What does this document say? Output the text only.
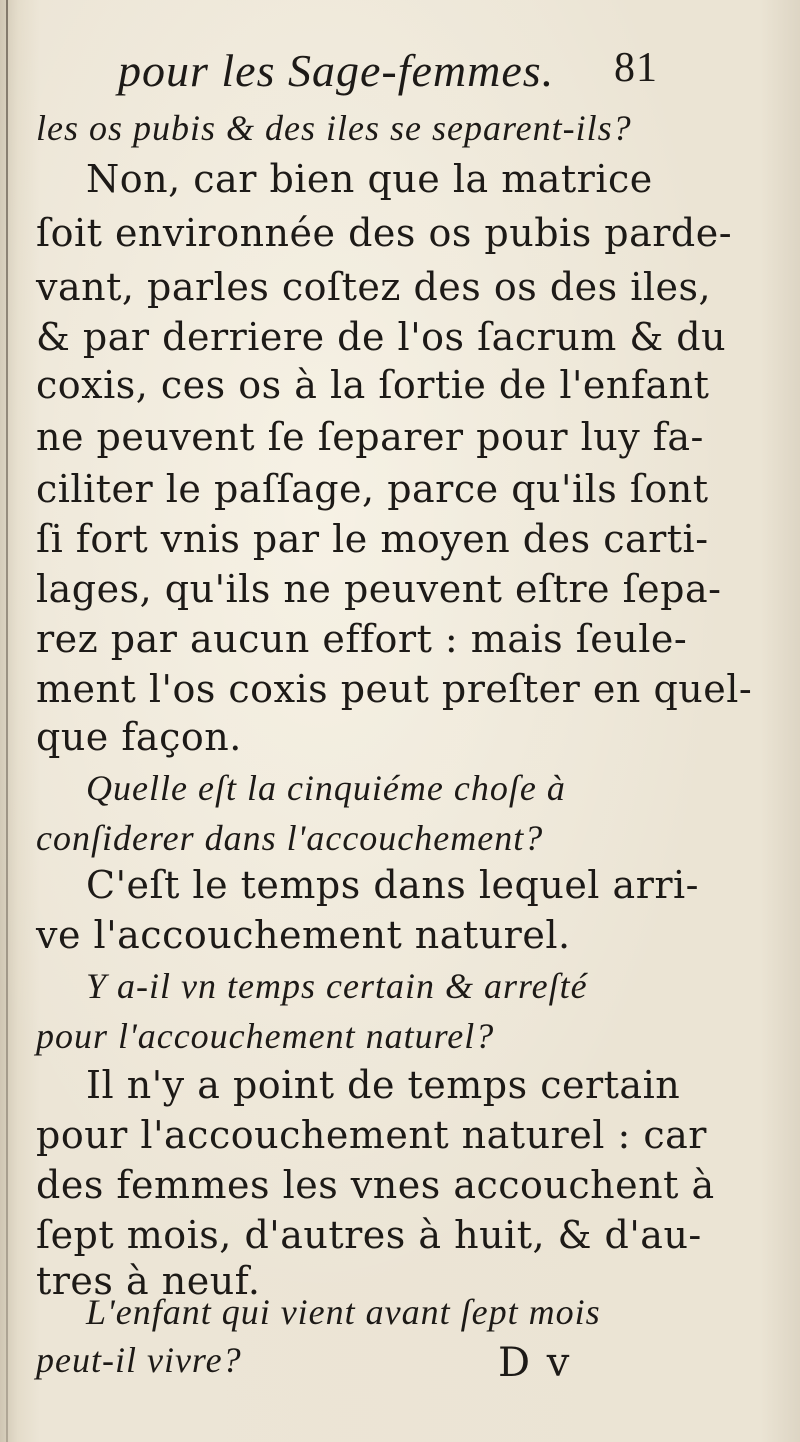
pour les Sage-femmes. 81
les os pubis & des iles se separent-ils?
Non, car bien que la matrice
ſoit environnée des os pubis parde-
vant, parles coſtez des os des iles,
& par derriere de l'os ſacrum & du
coxis, ces os à la ſortie de l'enfant
ne peuvent ſe ſeparer pour luy fa-
ciliter le paſſage, parce qu'ils ſont
ſi fort vnis par le moyen des carti-
lages, qu'ils ne peuvent eſtre ſepa-
rez par aucun effort : mais ſeule-
ment l'os coxis peut preſter en quel-
que façon.
Quelle eſt la cinquiéme choſe à
conſiderer dans l'accouchement?
C'eſt le temps dans lequel arri-
ve l'accouchement naturel.
Y a-il vn temps certain & arreſté
pour l'accouchement naturel?
Il n'y a point de temps certain
pour l'accouchement naturel : car
des femmes les vnes accouchent à
ſept mois, d'autres à huit, & d'au-
tres à neuf.
L'enfant qui vient avant ſept mois
peut-il vivre?	D v
